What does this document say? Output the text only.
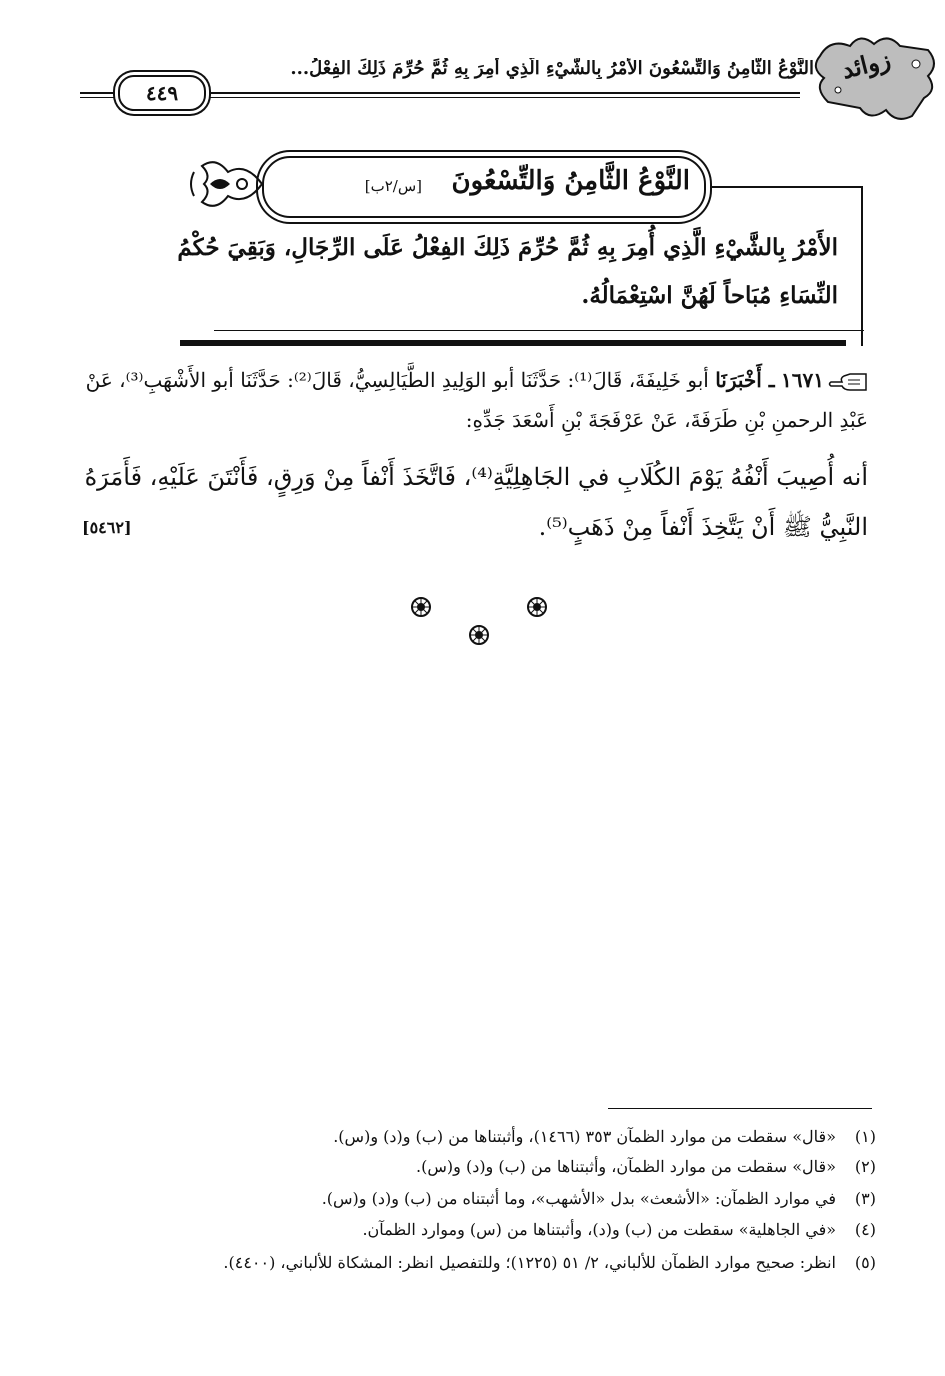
زوائد
النَّوْعُ الثَّامِنُ وَالتِّسْعُونَ الأَمْرُ بِالشَّيْءِ الَّذِي أُمِرَ بِهِ ثُمَّ حُرِّمَ ذَلِكَ الفِعْلُ...
٤٤٩
النَّوْعُ الثَّامِنُ وَالتِّسْعُونَ
[س/٢ب]
الأَمْرُ بِالشَّيْءِ الَّذِي أُمِرَ بِهِ ثُمَّ حُرِّمَ ذَلِكَ الفِعْلُ عَلَى الرِّجَالِ، وَبَقِيَ حُكْمُ النِّسَاءِ مُبَاحاً لَهُنَّ اسْتِعْمَالُهُ.
١٦٧١ ـ أَخْبَرَنَا أبو خَلِيفَةَ، قَالَ⁽¹⁾: حَدَّثَنَا أبو الوَلِيدِ الطَّيَالِسِيُّ، قَالَ⁽²⁾: حَدَّثَنَا أبو الأَشْهَبِ⁽³⁾، عَنْ عَبْدِ الرحمنِ بْنِ طَرَفَةَ، عَنْ عَرْفَجَةَ بْنِ أَسْعَدَ جَدِّهِ:
أنه أُصِيبَ أَنْفُهُ يَوْمَ الكُلَابِ في الجَاهِلِيَّةِ⁽⁴⁾، فَاتَّخَذَ أَنْفاً مِنْ وَرِقٍ، فَأَنْتَنَ عَلَيْهِ، فَأَمَرَهُ النَّبِيُّ ﷺ أَنْ يَتَّخِذَ أَنْفاً مِنْ ذَهَبٍ⁽⁵⁾.
[٥٤٦٢]
(١)«قال» سقطت من موارد الظمآن ٣٥٣ (١٤٦٦)، وأثبتناها من (ب) و(د) و(س).
(٢)«قال» سقطت من موارد الظمآن، وأثبتناها من (ب) و(د) و(س).
(٣)في موارد الظمآن: «الأشعث» بدل «الأشهب»، وما أثبتناه من (ب) و(د) و(س).
(٤)«في الجاهلية» سقطت من (ب) و(د)، وأثبتناها من (س) وموارد الظمآن.
(٥)انظر: صحيح موارد الظمآن للألباني، ٢/ ٥١ (١٢٢٥)؛ وللتفصيل انظر: المشكاة للألباني، (٤٤٠٠).
